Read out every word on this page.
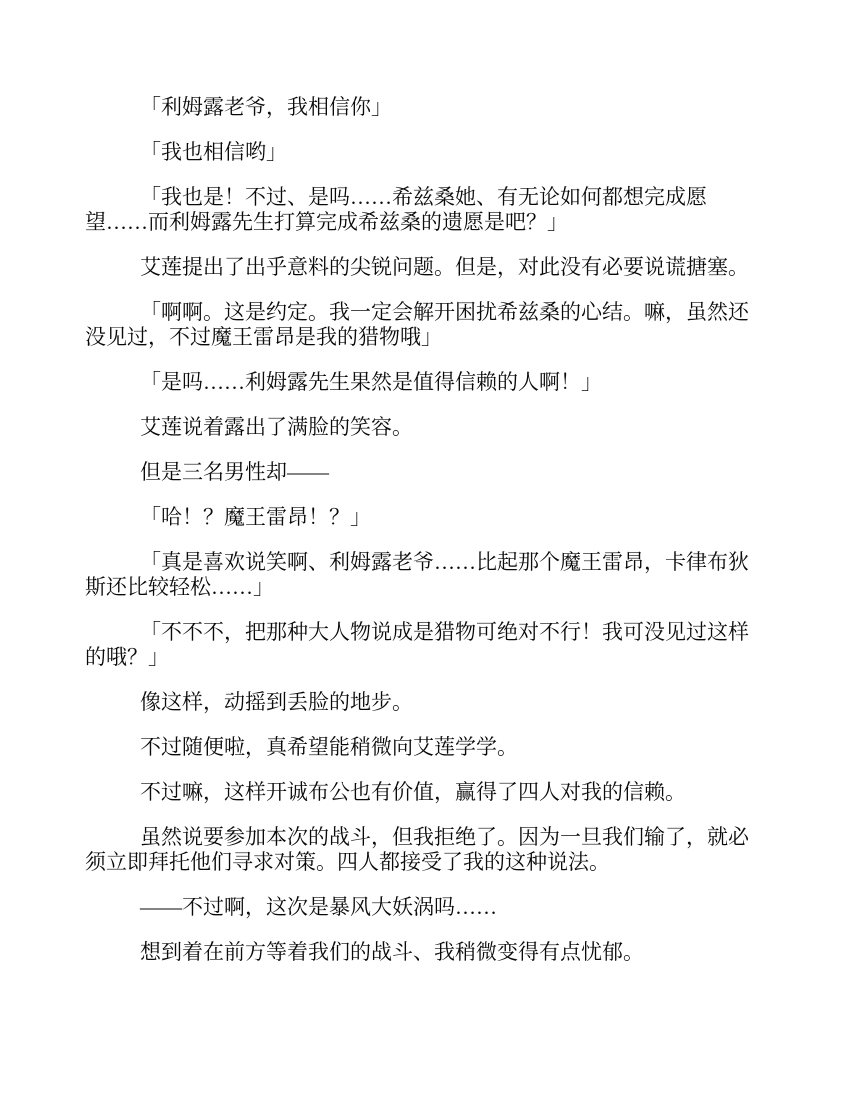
「利姆露老爷，我相信你」

「我也相信哟」

「我也是！不过、是吗……希兹桑她、有无论如何都想完成愿望……而利姆露先生打算完成希兹桑的遗愿是吧？」

艾莲提出了出乎意料的尖锐问题。但是，对此没有必要说谎搪塞。

「啊啊。这是约定。我一定会解开困扰希兹桑的心结。嘛，虽然还没见过，不过魔王雷昂是我的猎物哦」

「是吗……利姆露先生果然是值得信赖的人啊！」

艾莲说着露出了满脸的笑容。

但是三名男性却——

「哈！？魔王雷昂！？」

「真是喜欢说笑啊、利姆露老爷……比起那个魔王雷昂，卡律布狄斯还比较轻松……」

「不不不，把那种大人物说成是猎物可绝对不行！我可没见过这样的哦？」

像这样，动摇到丢脸的地步。

不过随便啦，真希望能稍微向艾莲学学。

不过嘛，这样开诚布公也有价值，赢得了四人对我的信赖。

虽然说要参加本次的战斗，但我拒绝了。因为一旦我们输了，就必须立即拜托他们寻求对策。四人都接受了我的这种说法。

——不过啊，这次是暴风大妖涡吗……

想到着在前方等着我们的战斗、我稍微变得有点忧郁。
